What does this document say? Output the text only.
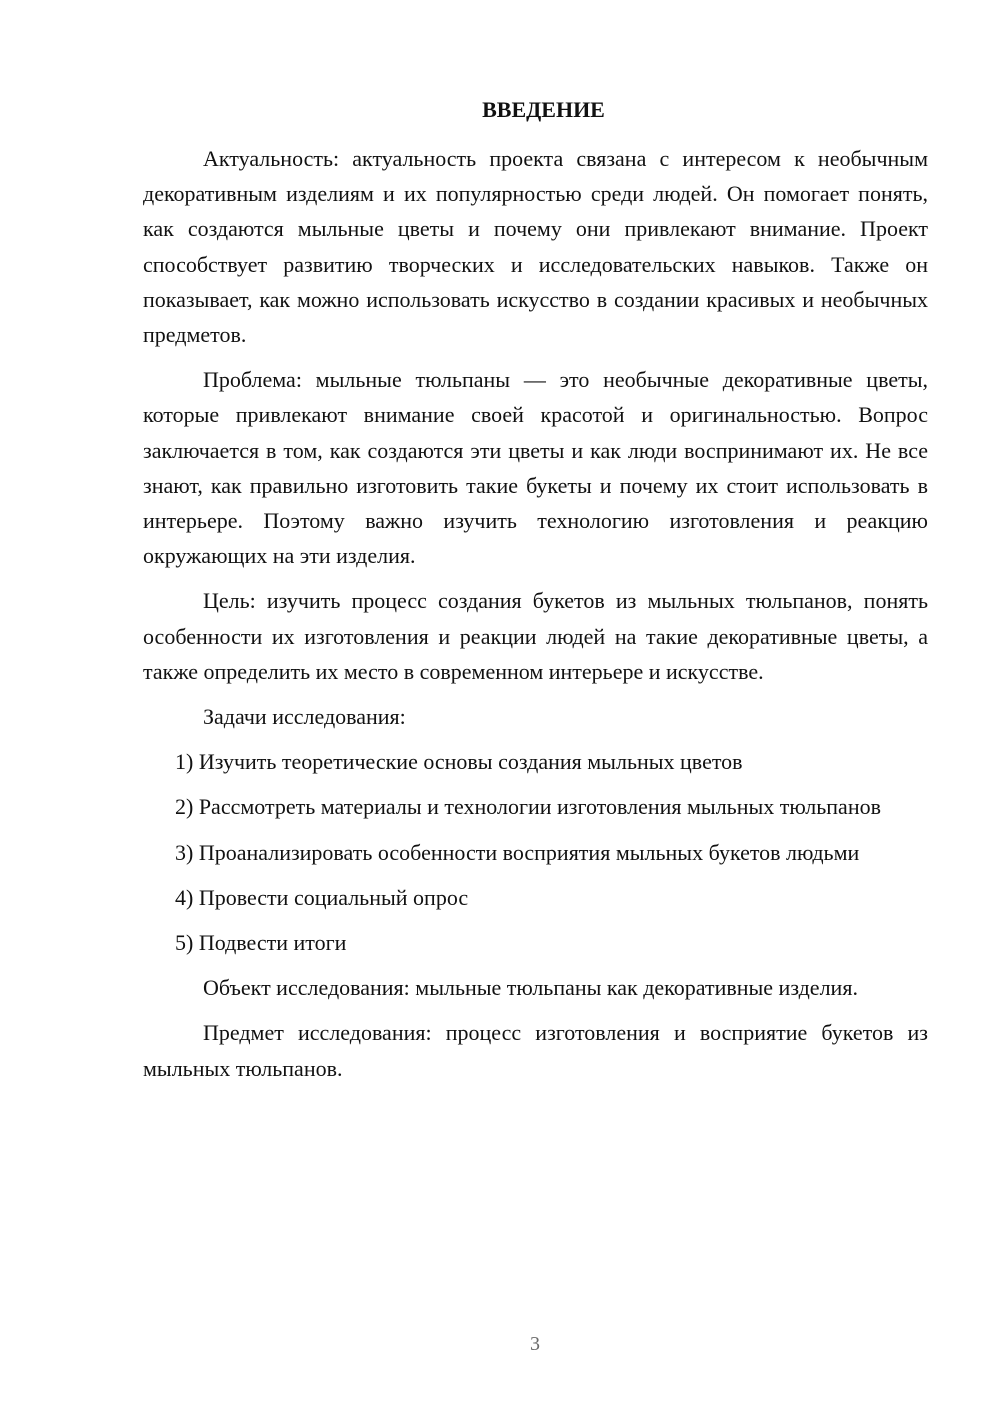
ВВЕДЕНИЕ

Актуальность: актуальность проекта связана с интересом к необычным декоративным изделиям и их популярностью среди людей. Он помогает понять, как создаются мыльные цветы и почему они привлекают внимание. Проект способствует развитию творческих и исследовательских навыков. Также он показывает, как можно использовать искусство в создании красивых и необычных предметов.

Проблема: мыльные тюльпаны — это необычные декоративные цветы, которые привлекают внимание своей красотой и оригинальностью. Вопрос заключается в том, как создаются эти цветы и как люди воспринимают их. Не все знают, как правильно изготовить такие букеты и почему их стоит использовать в интерьере. Поэтому важно изучить технологию изготовления и реакцию окружающих на эти изделия.

Цель: изучить процесс создания букетов из мыльных тюльпанов, понять особенности их изготовления и реакции людей на такие декоративные цветы, а также определить их место в современном интерьере и искусстве.

Задачи исследования:

1) Изучить теоретические основы создания мыльных цветов

2) Рассмотреть материалы и технологии изготовления мыльных тюльпанов

3) Проанализировать особенности восприятия мыльных букетов людьми

4) Провести социальный опрос

5) Подвести итоги

Объект исследования: мыльные тюльпаны как декоративные изделия.

Предмет исследования: процесс изготовления и восприятие букетов из мыльных тюльпанов.

3
